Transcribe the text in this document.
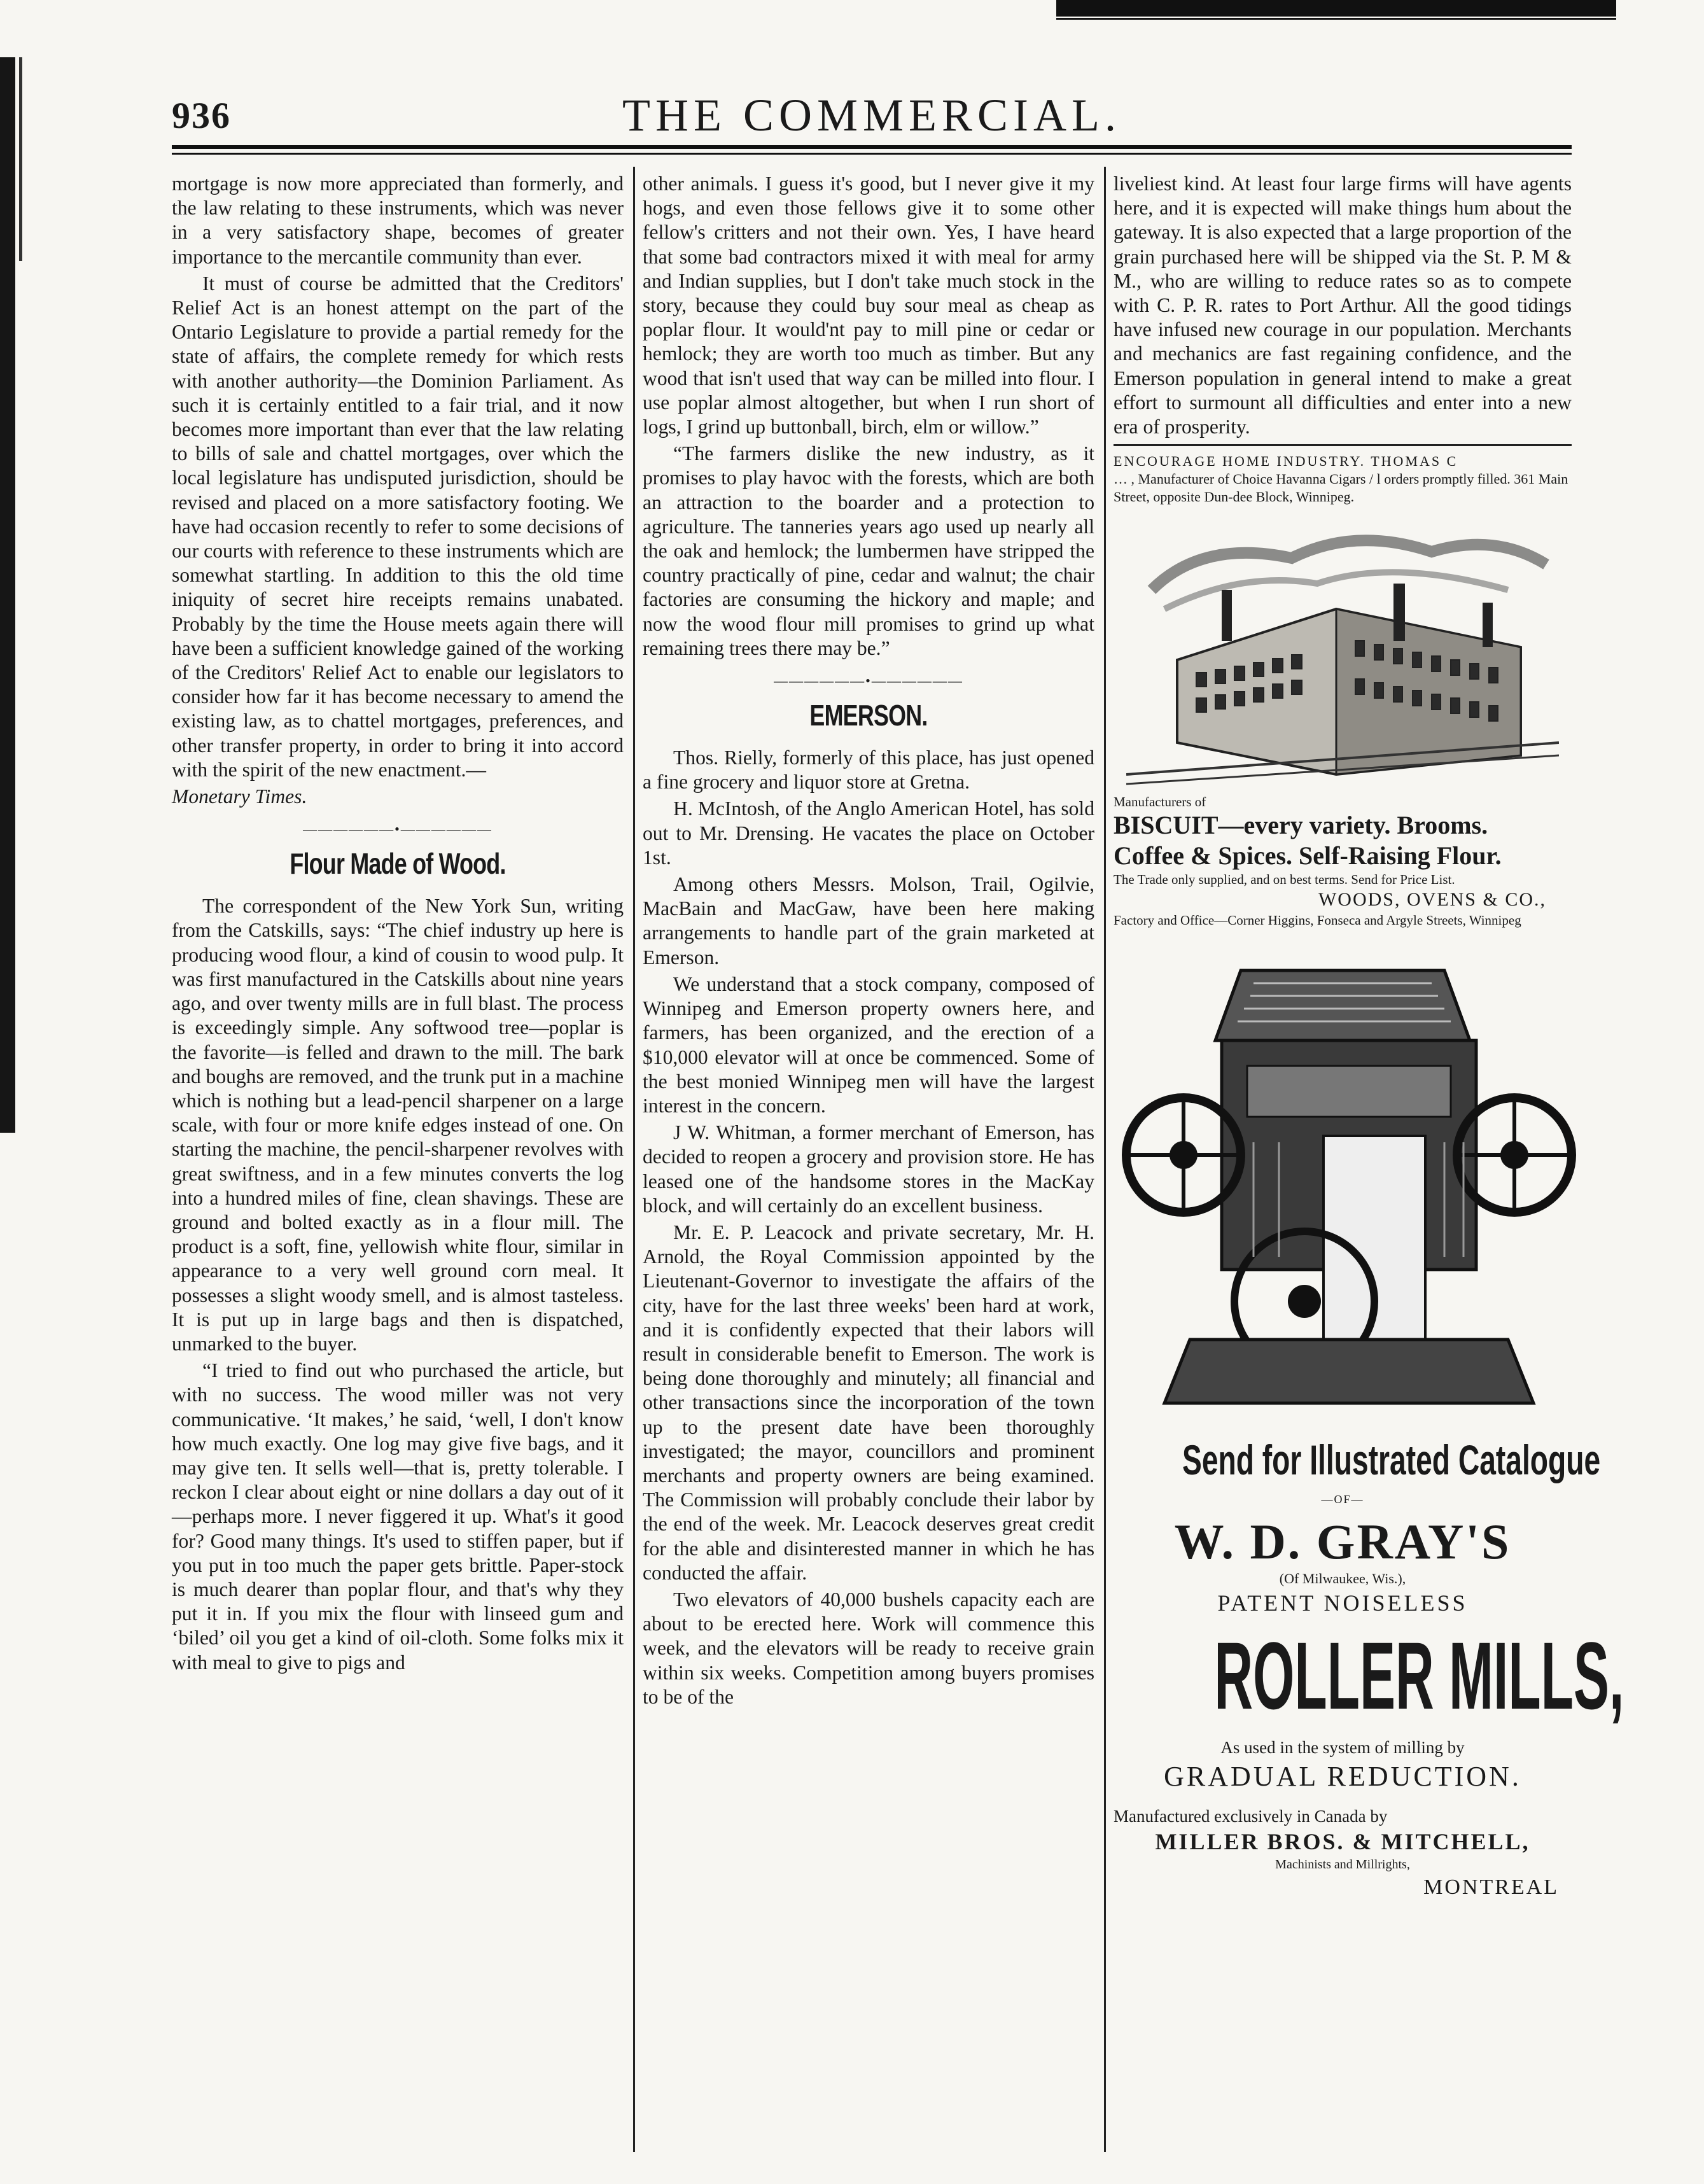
936	THE COMMERCIAL.

mortgage is now more appreciated than formerly, and the law relating to these instruments, which was never in a very satisfactory shape, becomes of greater importance to the mercantile community than ever.

It must of course be admitted that the Creditors' Relief Act is an honest attempt on the part of the Ontario Legislature to provide a partial remedy for the state of affairs, the complete remedy for which rests with another authority—the Dominion Parliament. As such it is certainly entitled to a fair trial, and it now becomes more important than ever that the law relating to bills of sale and chattel mortgages, over which the local legislature has undisputed jurisdiction, should be revised and placed on a more satisfactory footing. We have had occasion recently to refer to some decisions of our courts with reference to these instruments which are somewhat startling. In addition to this the old time iniquity of secret hire receipts remains unabated. Probably by the time the House meets again there will have been a sufficient knowledge gained of the working of the Creditors' Relief Act to enable our legislators to consider how far it has become necessary to amend the existing law, as to chattel mortgages, preferences, and other transfer property, in order to bring it into accord with the spirit of the new enactment.—

Monetary Times.

—————
Flour Made of Wood.

The correspondent of the New York Sun, writing from the Catskills, says: “The chief industry up here is producing wood flour, a kind of cousin to wood pulp. It was first manufactured in the Catskills about nine years ago, and over twenty mills are in full blast. The process is exceedingly simple. Any softwood tree—poplar is the favorite—is felled and drawn to the mill. The bark and boughs are removed, and the trunk put in a machine which is nothing but a lead-pencil sharpener on a large scale, with four or more knife edges instead of one. On starting the machine, the pencil-sharpener revolves with great swiftness, and in a few minutes converts the log into a hundred miles of fine, clean shavings. These are ground and bolted exactly as in a flour mill. The product is a soft, fine, yellowish white flour, similar in appearance to a very well ground corn meal. It possesses a slight woody smell, and is almost tasteless. It is put up in large bags and then is dispatched, unmarked to the buyer.

“I tried to find out who purchased the article, but with no success. The wood miller was not very communicative. ‘It makes,’ he said, ‘well, I don't know how much exactly. One log may give five bags, and it may give ten. It sells well—that is, pretty tolerable. I reckon I clear about eight or nine dollars a day out of it—perhaps more. I never figgered it up. What's it good for? Good many things. It's used to stiffen paper, but if you put in too much the paper gets brittle. Paper-stock is much dearer than poplar flour, and that's why they put it in. If you mix the flour with linseed gum and ‘biled’ oil you get a kind of oil-cloth. Some folks mix it with meal to give to pigs and

other animals. I guess it's good, but I never give it my hogs, and even those fellows give it to some other fellow's critters and not their own. Yes, I have heard that some bad contractors mixed it with meal for army and Indian supplies, but I don't take much stock in the story, because they could buy sour meal as cheap as poplar flour. It would'nt pay to mill pine or cedar or hemlock; they are worth too much as timber. But any wood that isn't used that way can be milled into flour. I use poplar almost altogether, but when I run short of logs, I grind up buttonball, birch, elm or willow.”

“The farmers dislike the new industry, as it promises to play havoc with the forests, which are both an attraction to the boarder and a protection to agriculture. The tanneries years ago used up nearly all the oak and hemlock; the lumbermen have stripped the country practically of pine, cedar and walnut; the chair factories are consuming the hickory and maple; and now the wood flour mill promises to grind up what remaining trees there may be.”

—————
EMERSON.

Thos. Rielly, formerly of this place, has just opened a fine grocery and liquor store at Gretna.

H. McIntosh, of the Anglo American Hotel, has sold out to Mr. Drensing. He vacates the place on October 1st.

Among others Messrs. Molson, Trail, Ogilvie, MacBain and MacGaw, have been here making arrangements to handle part of the grain marketed at Emerson.

We understand that a stock company, composed of Winnipeg and Emerson property owners here, and farmers, has been organized, and the erection of a $10,000 elevator will at once be commenced. Some of the best monied Winnipeg men will have the largest interest in the concern.

J W. Whitman, a former merchant of Emerson, has decided to reopen a grocery and provision store. He has leased one of the handsome stores in the MacKay block, and will certainly do an excellent business.

Mr. E. P. Leacock and private secretary, Mr. H. Arnold, the Royal Commission appointed by the Lieutenant-Governor to investigate the affairs of the city, have for the last three weeks' been hard at work, and it is confidently expected that their labors will result in considerable benefit to Emerson. The work is being done thoroughly and minutely; all financial and other transactions since the incorporation of the town up to the present date have been thoroughly investigated; the mayor, councillors and prominent merchants and property owners are being examined. The Commission will probably conclude their labor by the end of the week. Mr. Leacock deserves great credit for the able and disinterested manner in which he has conducted the affair.

Two elevators of 40,000 bushels capacity each are about to be erected here. Work will commence this week, and the elevators will be ready to receive grain within six weeks. Competition among buyers promises to be of the

liveliest kind. At least four large firms will have agents here, and it is expected will make things hum about the gateway. It is also expected that a large proportion of the grain purchased here will be shipped via the St. P. M & M., who are willing to reduce rates so as to compete with C. P. R. rates to Port Arthur. All the good tidings have infused new courage in our population. Merchants and mechanics are fast regaining confidence, and the Emerson population in general intend to make a great effort to surmount all difficulties and enter into a new era of prosperity.

ENCOURAGE HOME INDUSTRY. THOMAS C
… , Manufacturer of Choice Havanna Cigars / l orders promptly filled. 361 Main Street, opposite Dun-dee Block, Winnipeg.
Manufacturers of
BISCUIT—every variety. Brooms.
Coffee & Spices. Self-Raising Flour.
The Trade only supplied, and on best terms. Send for Price List.
WOODS, OVENS & CO.,
Factory and Office—Corner Higgins, Fonseca and Argyle Streets, Winnipeg
Send for Illustrated Catalogue
—OF—
W. D. GRAY'S
(Of Milwaukee, Wis.),
PATENT NOISELESS
ROLLER MILLS,
As used in the system of milling by
GRADUAL REDUCTION.
Manufactured exclusively in Canada by
MILLER BROS. & MITCHELL,
Machinists and Millrights,
MONTREAL
